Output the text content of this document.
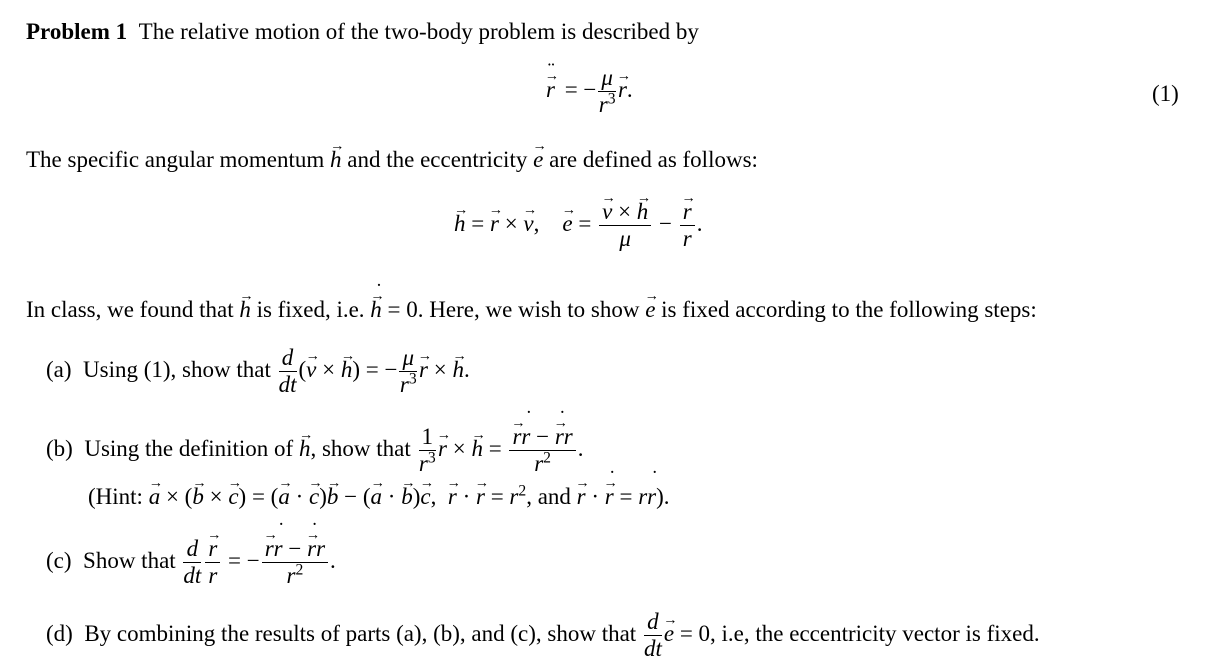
Problem 1 The relative motion of the two-body problem is described by
→ r ¨ = − $\frac{\mu}{r^3}$
→ r.	(1)
The specific angular momentum → h and the eccentricity → e are defined as follows:
→ h = → r × → v,    → e =
→ $\frac{v \times \to h}{\mu}$ −
→ $\frac{r}{r}$ .
In class, we found that → h is fixed, i.e. → h ˙ = 0. Here, we wish to show → e is fixed according to the following steps:
(a) Using (1), show that $\frac{d}{dt}$ (→ v × → h) = − $\frac{\mu}{r^3}$
→ r × → h.
(b) Using the definition of → h, show that $\frac{1}{r^3}$
→ r × → h =
→ $\frac{rr ˙ - \to r ˙r}{r^2}$ .
(Hint: → a × (→ b × → c) = (→ a · → c)→ b − (→ a · → b)→ c,  → r · → $r = r^2$, and → r · → r ˙ = rr ˙).
(c) Show that $\frac{d}{dt}$
→ $\frac{r}{r}$ = −
→ $\frac{rr ˙ - \to r ˙r}{r^2}$ .
(d) By combining the results of parts (a), (b), and (c), show that $\frac{d}{dt}$
→ e = 0, i.e, the eccentricity vector is fixed.
